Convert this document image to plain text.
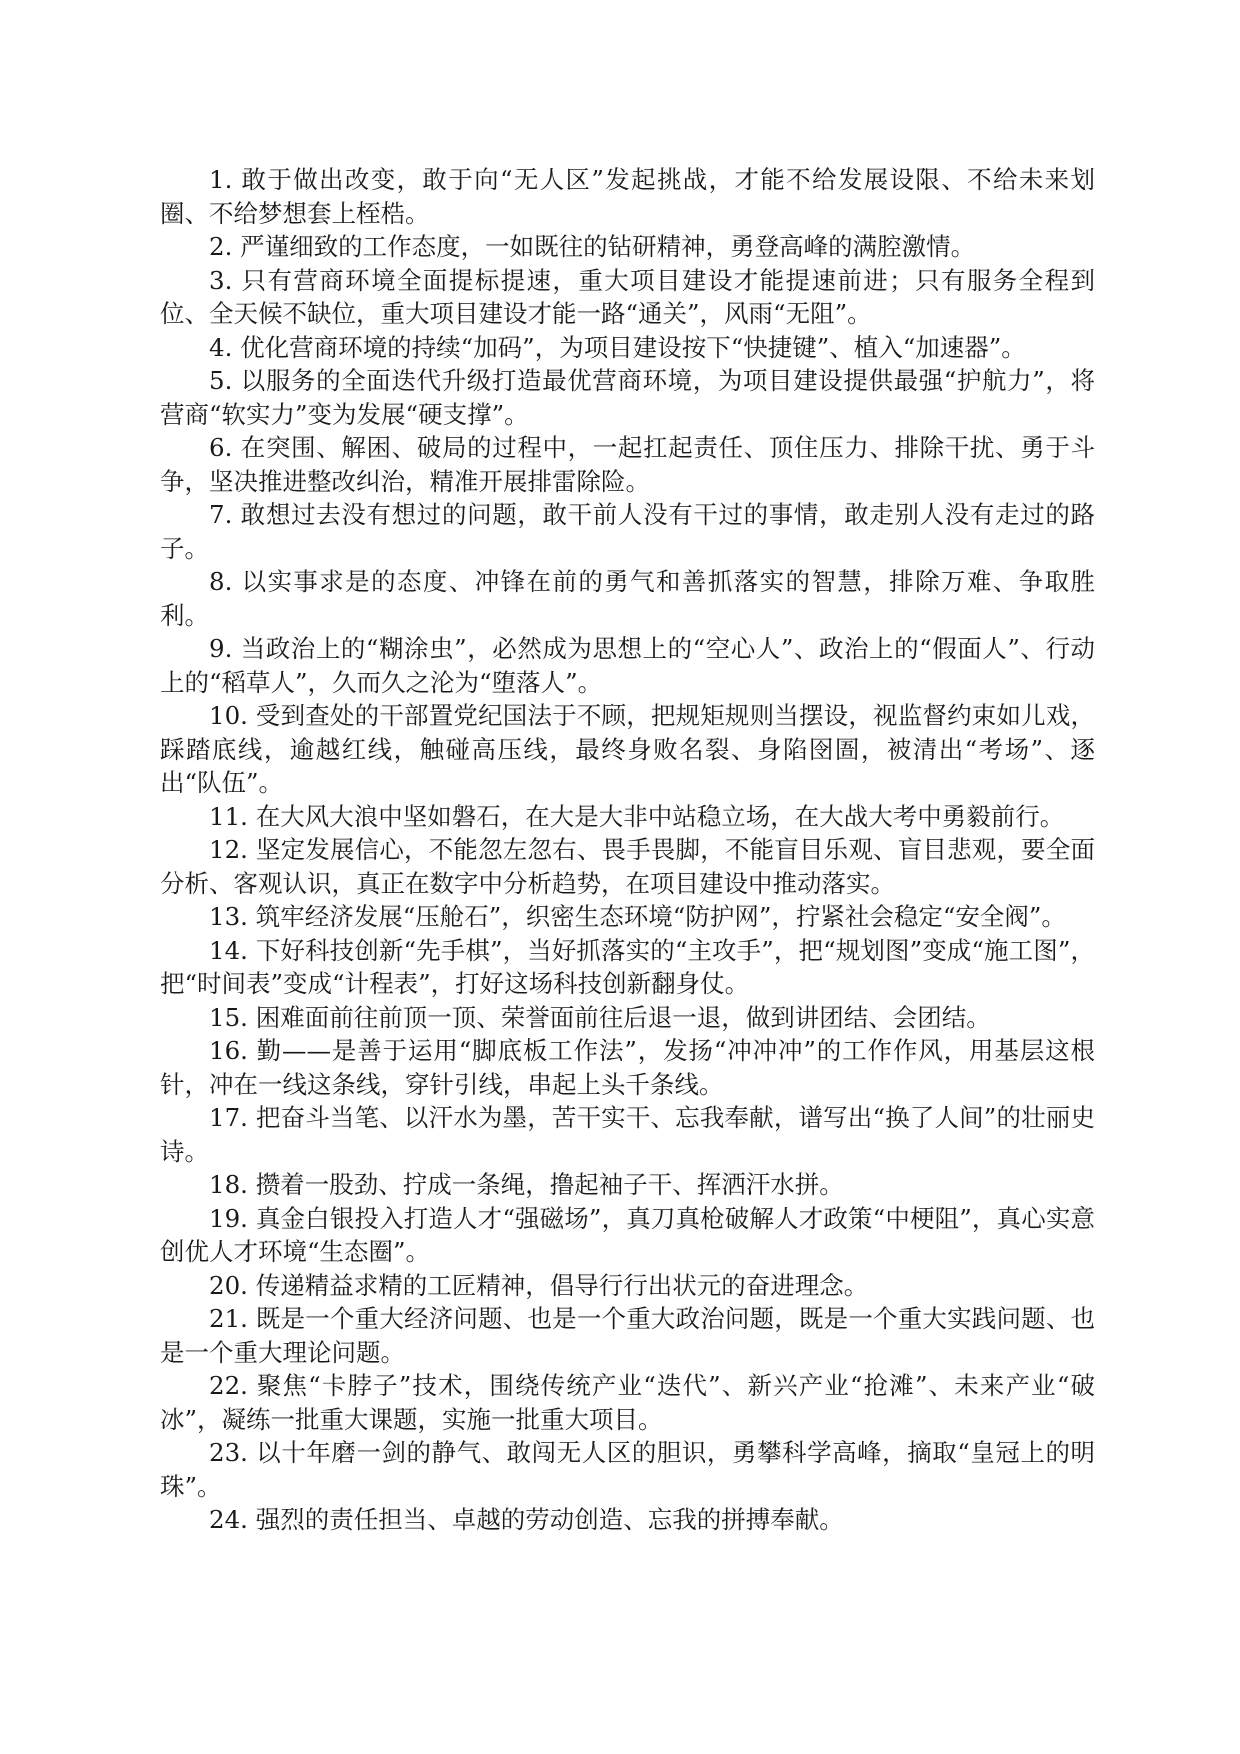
1. 敢于做出改变，敢于向“无人区”发起挑战，才能不给发展设限、不给未来划圈、不给梦想套上桎梏。

2. 严谨细致的工作态度，一如既往的钻研精神，勇登高峰的满腔激情。

3. 只有营商环境全面提标提速，重大项目建设才能提速前进；只有服务全程到位、全天候不缺位，重大项目建设才能一路“通关”，风雨“无阻”。

4. 优化营商环境的持续“加码”，为项目建设按下“快捷键”、植入“加速器”。

5. 以服务的全面迭代升级打造最优营商环境，为项目建设提供最强“护航力”，将营商“软实力”变为发展“硬支撑”。

6. 在突围、解困、破局的过程中，一起扛起责任、顶住压力、排除干扰、勇于斗争，坚决推进整改纠治，精准开展排雷除险。

7. 敢想过去没有想过的问题，敢干前人没有干过的事情，敢走别人没有走过的路子。

8. 以实事求是的态度、冲锋在前的勇气和善抓落实的智慧，排除万难、争取胜利。

9. 当政治上的“糊涂虫”，必然成为思想上的“空心人”、政治上的“假面人”、行动上的“稻草人”，久而久之沦为“堕落人”。

10. 受到查处的干部置党纪国法于不顾，把规矩规则当摆设，视监督约束如儿戏，踩踏底线，逾越红线，触碰高压线，最终身败名裂、身陷囹圄，被清出“考场”、逐出“队伍”。

11. 在大风大浪中坚如磐石，在大是大非中站稳立场，在大战大考中勇毅前行。

12. 坚定发展信心，不能忽左忽右、畏手畏脚，不能盲目乐观、盲目悲观，要全面分析、客观认识，真正在数字中分析趋势，在项目建设中推动落实。

13. 筑牢经济发展“压舱石”，织密生态环境“防护网”，拧紧社会稳定“安全阀”。

14. 下好科技创新“先手棋”，当好抓落实的“主攻手”，把“规划图”变成“施工图”，把“时间表”变成“计程表”，打好这场科技创新翻身仗。

15. 困难面前往前顶一顶、荣誉面前往后退一退，做到讲团结、会团结。

16. 勤——是善于运用“脚底板工作法”，发扬“冲冲冲”的工作作风，用基层这根针，冲在一线这条线，穿针引线，串起上头千条线。

17. 把奋斗当笔、以汗水为墨，苦干实干、忘我奉献，谱写出“换了人间”的壮丽史诗。

18. 攒着一股劲、拧成一条绳，撸起袖子干、挥洒汗水拼。

19. 真金白银投入打造人才“强磁场”，真刀真枪破解人才政策“中梗阻”，真心实意创优人才环境“生态圈”。

20. 传递精益求精的工匠精神，倡导行行出状元的奋进理念。

21. 既是一个重大经济问题、也是一个重大政治问题，既是一个重大实践问题、也是一个重大理论问题。

22. 聚焦“卡脖子”技术，围绕传统产业“迭代”、新兴产业“抢滩”、未来产业“破冰”，凝练一批重大课题，实施一批重大项目。

23. 以十年磨一剑的静气、敢闯无人区的胆识，勇攀科学高峰，摘取“皇冠上的明珠”。

24. 强烈的责任担当、卓越的劳动创造、忘我的拼搏奉献。
